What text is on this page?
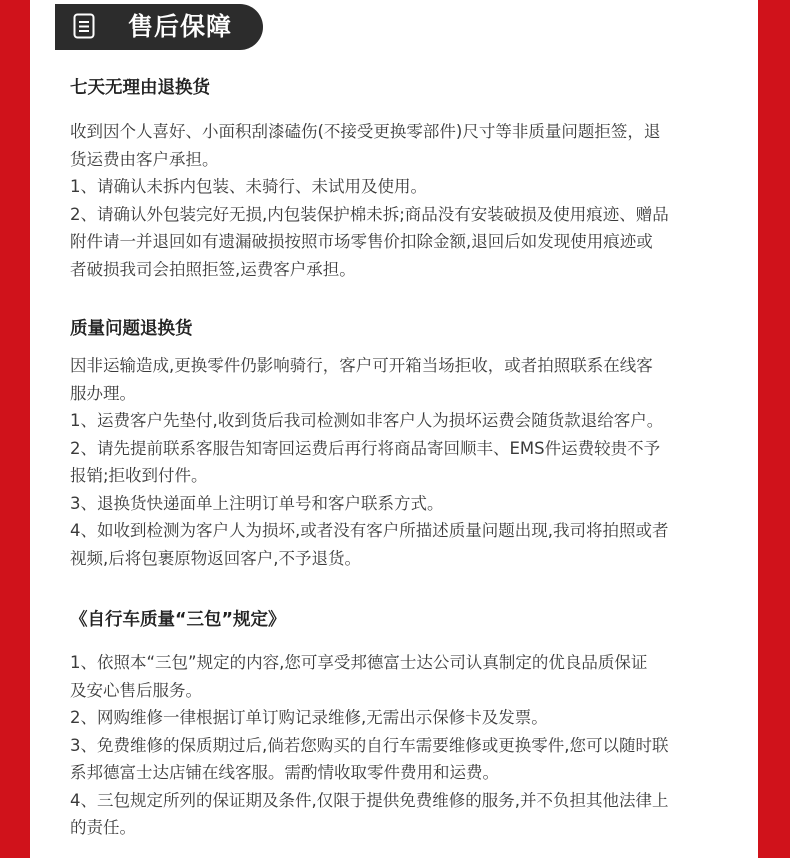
售后保障
七天无理由退换货

收到因个人喜好、小面积刮漆磕伤(不接受更换零部件)尺寸等非质量问题拒签，退

货运费由客户承担。

1、请确认未拆内包装、未骑行、未试用及使用。

2、请确认外包装完好无损,内包装保护棉未拆;商品没有安装破损及使用痕迹、赠品

附件请一并退回如有遗漏破损按照市场零售价扣除金额,退回后如发现使用痕迹或

者破损我司会拍照拒签,运费客户承担。

质量问题退换货

因非运输造成,更换零件仍影响骑行，客户可开箱当场拒收，或者拍照联系在线客

服办理。

1、运费客户先垫付,收到货后我司检测如非客户人为损坏运费会随货款退给客户。

2、请先提前联系客服告知寄回运费后再行将商品寄回顺丰、EMS件运费较贵不予

报销;拒收到付件。

3、退换货快递面单上注明订单号和客户联系方式。

4、如收到检测为客户人为损坏,或者没有客户所描述质量问题出现,我司将拍照或者

视频,后将包裹原物返回客户,不予退货。

《自行车质量“三包”规定》

1、依照本“三包”规定的内容,您可享受邦德富士达公司认真制定的优良品质保证

及安心售后服务。

2、网购维修一律根据订单订购记录维修,无需出示保修卡及发票。

3、免费维修的保质期过后,倘若您购买的自行车需要维修或更换零件,您可以随时联

系邦德富士达店铺在线客服。需酌情收取零件费用和运费。

4、三包规定所列的保证期及条件,仅限于提供免费维修的服务,并不负担其他法律上

的责任。
